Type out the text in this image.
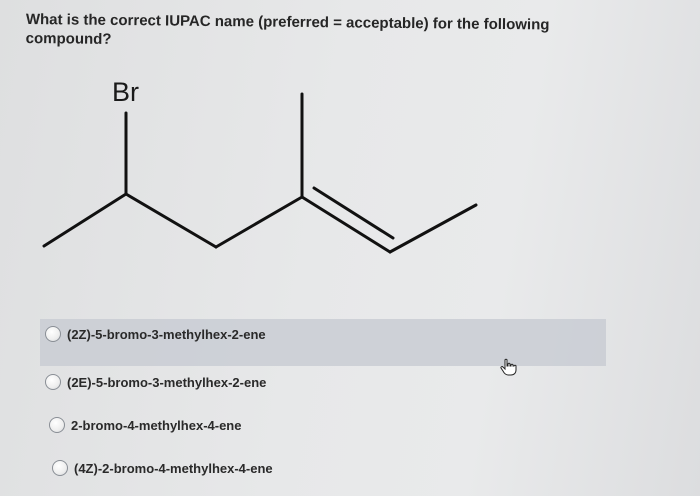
What is the correct IUPAC name (preferred = acceptable) for the following compound?
Br
(2Z)-5-bromo-3-methylhex-2-ene
(2E)-5-bromo-3-methylhex-2-ene
2-bromo-4-methylhex-4-ene
(4Z)-2-bromo-4-methylhex-4-ene
